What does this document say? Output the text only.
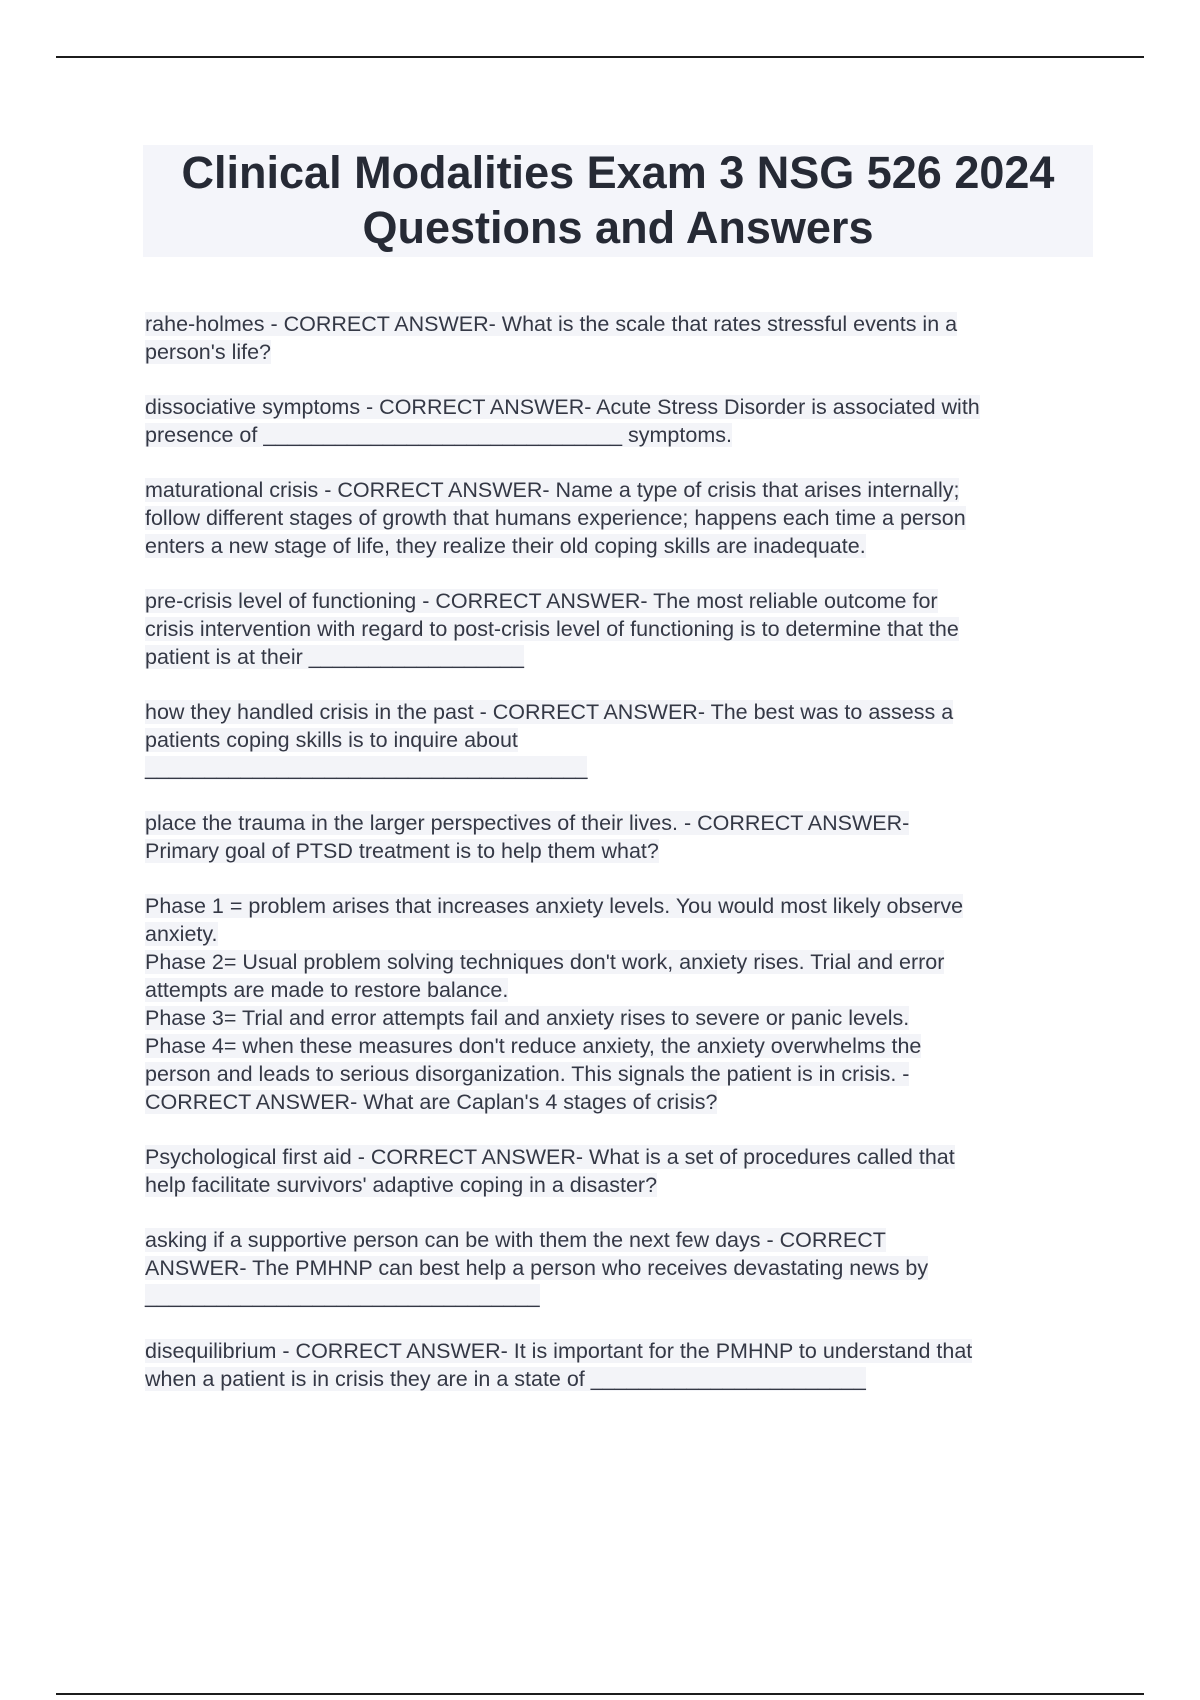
Clinical Modalities Exam 3 NSG 526 2024
Questions and Answers
rahe-holmes - CORRECT ANSWER- What is the scale that rates stressful events in a
person's life?
dissociative symptoms - CORRECT ANSWER- Acute Stress Disorder is associated with
presence of ______________________________ symptoms.
maturational crisis - CORRECT ANSWER- Name a type of crisis that arises internally;
follow different stages of growth that humans experience; happens each time a person
enters a new stage of life, they realize their old coping skills are inadequate.
pre-crisis level of functioning - CORRECT ANSWER- The most reliable outcome for
crisis intervention with regard to post-crisis level of functioning is to determine that the
patient is at their __________________
how they handled crisis in the past - CORRECT ANSWER- The best was to assess a
patients coping skills is to inquire about
_____________________________________
place the trauma in the larger perspectives of their lives. - CORRECT ANSWER-
Primary goal of PTSD treatment is to help them what?
Phase 1 = problem arises that increases anxiety levels. You would most likely observe
anxiety.
Phase 2= Usual problem solving techniques don't work, anxiety rises. Trial and error
attempts are made to restore balance.
Phase 3= Trial and error attempts fail and anxiety rises to severe or panic levels.
Phase 4= when these measures don't reduce anxiety, the anxiety overwhelms the
person and leads to serious disorganization. This signals the patient is in crisis. -
CORRECT ANSWER- What are Caplan's 4 stages of crisis?
Psychological first aid - CORRECT ANSWER- What is a set of procedures called that
help facilitate survivors' adaptive coping in a disaster?
asking if a supportive person can be with them the next few days - CORRECT
ANSWER- The PMHNP can best help a person who receives devastating news by
_________________________________
disequilibrium - CORRECT ANSWER- It is important for the PMHNP to understand that
when a patient is in crisis they are in a state of _______________________
